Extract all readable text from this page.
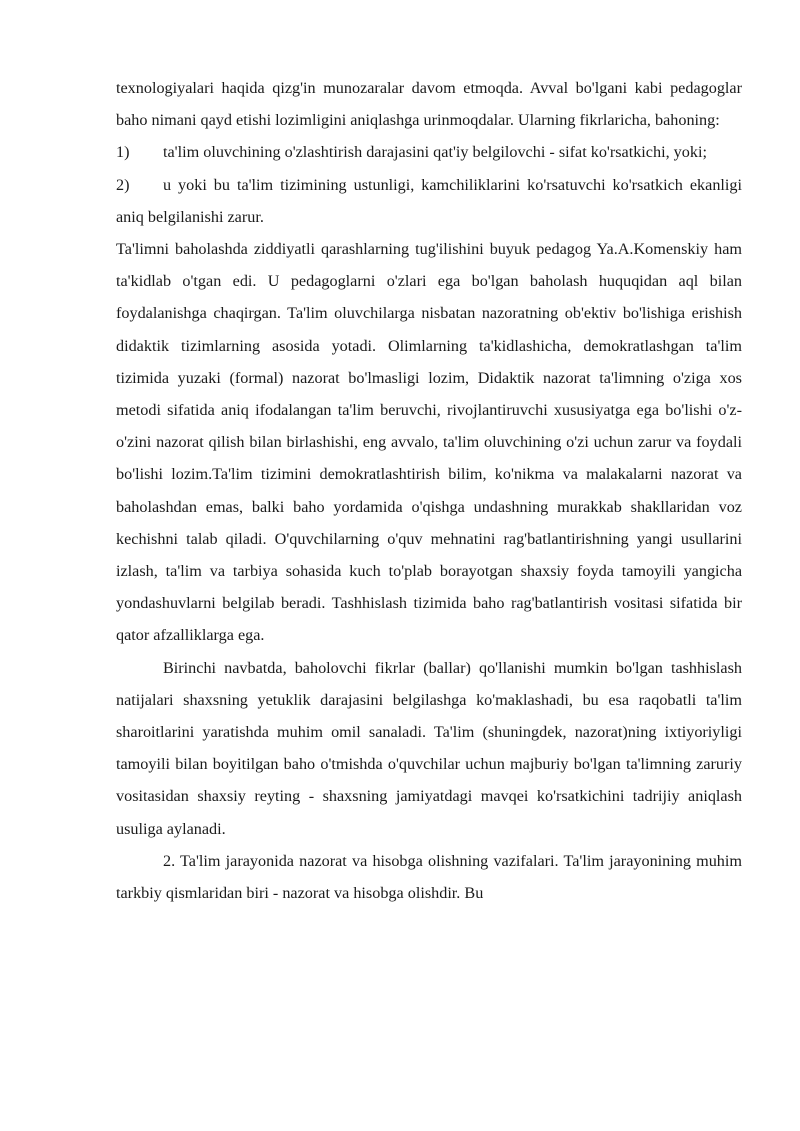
texnologiyalari haqida qizg'in munozaralar davom etmoqda. Avval bo'lgani kabi pedagoglar baho nimani qayd etishi lozimligini aniqlashga urinmoqdalar. Ularning fikrlaricha, bahoning:

1) ta'lim oluvchining o'zlashtirish darajasini qat'iy belgilovchi - sifat ko'rsatkichi, yoki;

2) u yoki bu ta'lim tizimining ustunligi, kamchiliklarini ko'rsatuvchi ko'rsatkich ekanligi aniq belgilanishi zarur.

Ta'limni baholashda ziddiyatli qarashlarning tug'ilishini buyuk pedagog Ya.A.Komenskiy ham ta'kidlab o'tgan edi. U pedagoglarni o'zlari ega bo'lgan baholash huquqidan aql bilan foydalanishga chaqirgan. Ta'lim oluvchilarga nisbatan nazoratning ob'ektiv bo'lishiga erishish didaktik tizimlarning asosida yotadi. Olimlarning ta'kidlashicha, demokratlashgan ta'lim tizimida yuzaki (formal) nazorat bo'lmasligi lozim, Didaktik nazorat ta'limning o'ziga xos metodi sifatida aniq ifodalangan ta'lim beruvchi, rivojlantiruvchi xususiyatga ega bo'lishi o'z-o'zini nazorat qilish bilan birlashishi, eng avvalo, ta'lim oluvchining o'zi uchun zarur va foydali bo'lishi lozim.Ta'lim tizimini demokratlashtirish bilim, ko'nikma va malakalarni nazorat va baholashdan emas, balki baho yordamida o'qishga undashning murakkab shakllaridan voz kechishni talab qiladi. O'quvchilarning o'quv mehnatini rag'batlantirishning yangi usullarini izlash, ta'lim va tarbiya sohasida kuch to'plab borayotgan shaxsiy foyda tamoyili yangicha yondashuvlarni belgilab beradi. Tashhislash tizimida baho rag'batlantirish vositasi sifatida bir qator afzalliklarga ega.

Birinchi navbatda, baholovchi fikrlar (ballar) qo'llanishi mumkin bo'lgan tashhislash natijalari shaxsning yetuklik darajasini belgilashga ko'maklashadi, bu esa raqobatli ta'lim sharoitlarini yaratishda muhim omil sanaladi. Ta'lim (shuningdek, nazorat)ning ixtiyoriyligi tamoyili bilan boyitilgan baho o'tmishda o'quvchilar uchun majburiy bo'lgan ta'limning zaruriy vositasidan shaxsiy reyting - shaxsning jamiyatdagi mavqei ko'rsatkichini tadrijiy aniqlash usuliga aylanadi.

2. Ta'lim jarayonida nazorat va hisobga olishning vazifalari. Ta'lim jarayonining muhim tarkbiy qismlaridan biri - nazorat va hisobga olishdir. Bu
